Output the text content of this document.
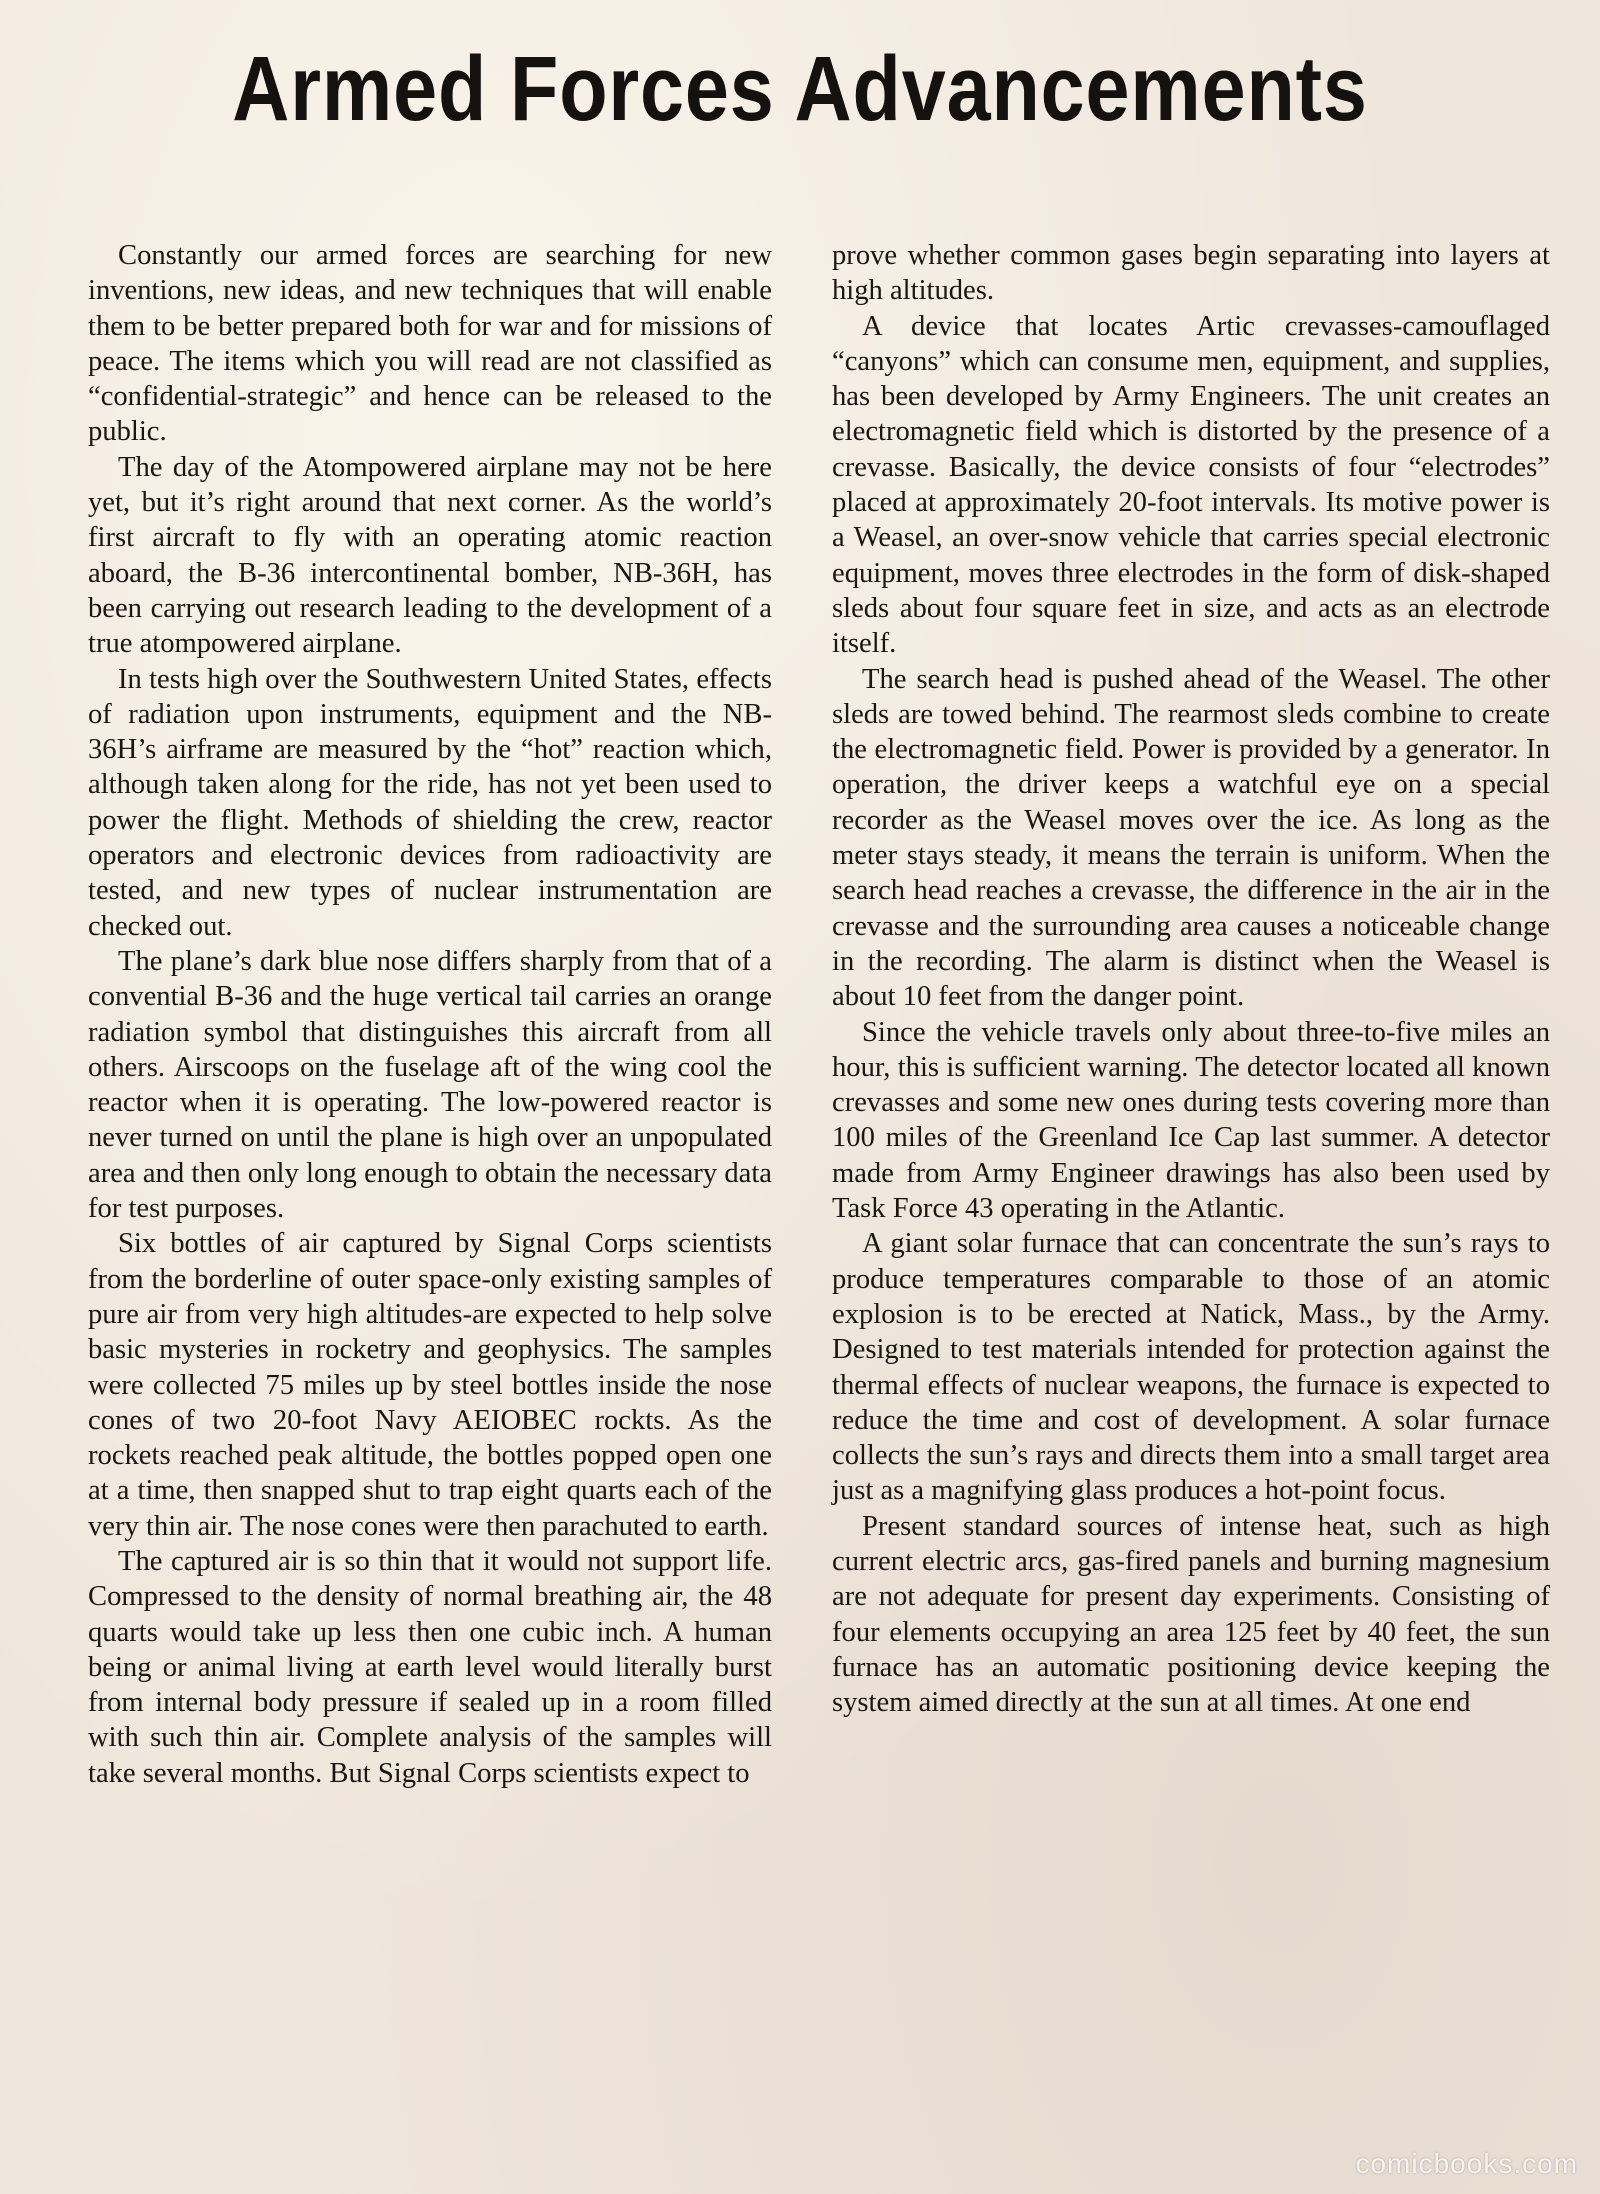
Armed Forces Advancements

Constantly our armed forces are searching for new inventions, new ideas, and new techniques that will enable them to be better prepared both for war and for missions of peace. The items which you will read are not classified as “confidential-strategic” and hence can be released to the public.

The day of the Atompowered airplane may not be here yet, but it’s right around that next corner. As the world’s first aircraft to fly with an operating atomic reaction aboard, the B-36 intercontinental bomber, NB-36H, has been carrying out research leading to the development of a true atompowered airplane.

In tests high over the Southwestern United States, effects of radiation upon instruments, equipment and the NB-36H’s airframe are measured by the “hot” reaction which, although taken along for the ride, has not yet been used to power the flight. Methods of shielding the crew, reactor operators and electronic devices from radioactivity are tested, and new types of nuclear instrumentation are checked out.

The plane’s dark blue nose differs sharply from that of a convential B-36 and the huge vertical tail carries an orange radiation symbol that distinguishes this aircraft from all others. Airscoops on the fuselage aft of the wing cool the reactor when it is operating. The low-powered reactor is never turned on until the plane is high over an unpopulated area and then only long enough to obtain the necessary data for test purposes.

Six bottles of air captured by Signal Corps scientists from the borderline of outer space-only existing samples of pure air from very high altitudes-are expected to help solve basic mysteries in rocketry and geophysics. The samples were collected 75 miles up by steel bottles inside the nose cones of two 20-foot Navy AEIOBEC rockts. As the rockets reached peak altitude, the bottles popped open one at a time, then snapped shut to trap eight quarts each of the very thin air. The nose cones were then parachuted to earth.

The captured air is so thin that it would not support life. Compressed to the density of normal breathing air, the 48 quarts would take up less then one cubic inch. A human being or animal living at earth level would literally burst from internal body pressure if sealed up in a room filled with such thin air. Complete analysis of the samples will take several months. But Signal Corps scientists expect to

prove whether common gases begin separating into layers at high altitudes.

A device that locates Artic crevasses-camouflaged “canyons” which can consume men, equipment, and supplies, has been developed by Army Engineers. The unit creates an electromagnetic field which is distorted by the presence of a crevasse. Basically, the device consists of four “electrodes” placed at approximately 20-foot intervals. Its motive power is a Weasel, an over-snow vehicle that carries special electronic equipment, moves three electrodes in the form of disk-shaped sleds about four square feet in size, and acts as an electrode itself.

The search head is pushed ahead of the Weasel. The other sleds are towed behind. The rearmost sleds combine to create the electromagnetic field. Power is provided by a generator. In operation, the driver keeps a watchful eye on a special recorder as the Weasel moves over the ice. As long as the meter stays steady, it means the terrain is uniform. When the search head reaches a crevasse, the difference in the air in the crevasse and the surrounding area causes a noticeable change in the recording. The alarm is distinct when the Weasel is about 10 feet from the danger point.

Since the vehicle travels only about three-to-five miles an hour, this is sufficient warning. The detector located all known crevasses and some new ones during tests covering more than 100 miles of the Greenland Ice Cap last summer. A detector made from Army Engineer drawings has also been used by Task Force 43 operating in the Atlantic.

A giant solar furnace that can concentrate the sun’s rays to produce temperatures comparable to those of an atomic explosion is to be erected at Natick, Mass., by the Army. Designed to test materials intended for protection against the thermal effects of nuclear weapons, the furnace is expected to reduce the time and cost of development. A solar furnace collects the sun’s rays and directs them into a small target area just as a magnifying glass produces a hot-point focus.

Present standard sources of intense heat, such as high current electric arcs, gas-fired panels and burning magnesium are not adequate for present day experiments. Consisting of four elements occupying an area 125 feet by 40 feet, the sun furnace has an automatic positioning device keeping the system aimed directly at the sun at all times. At one end

comicbooks.com
